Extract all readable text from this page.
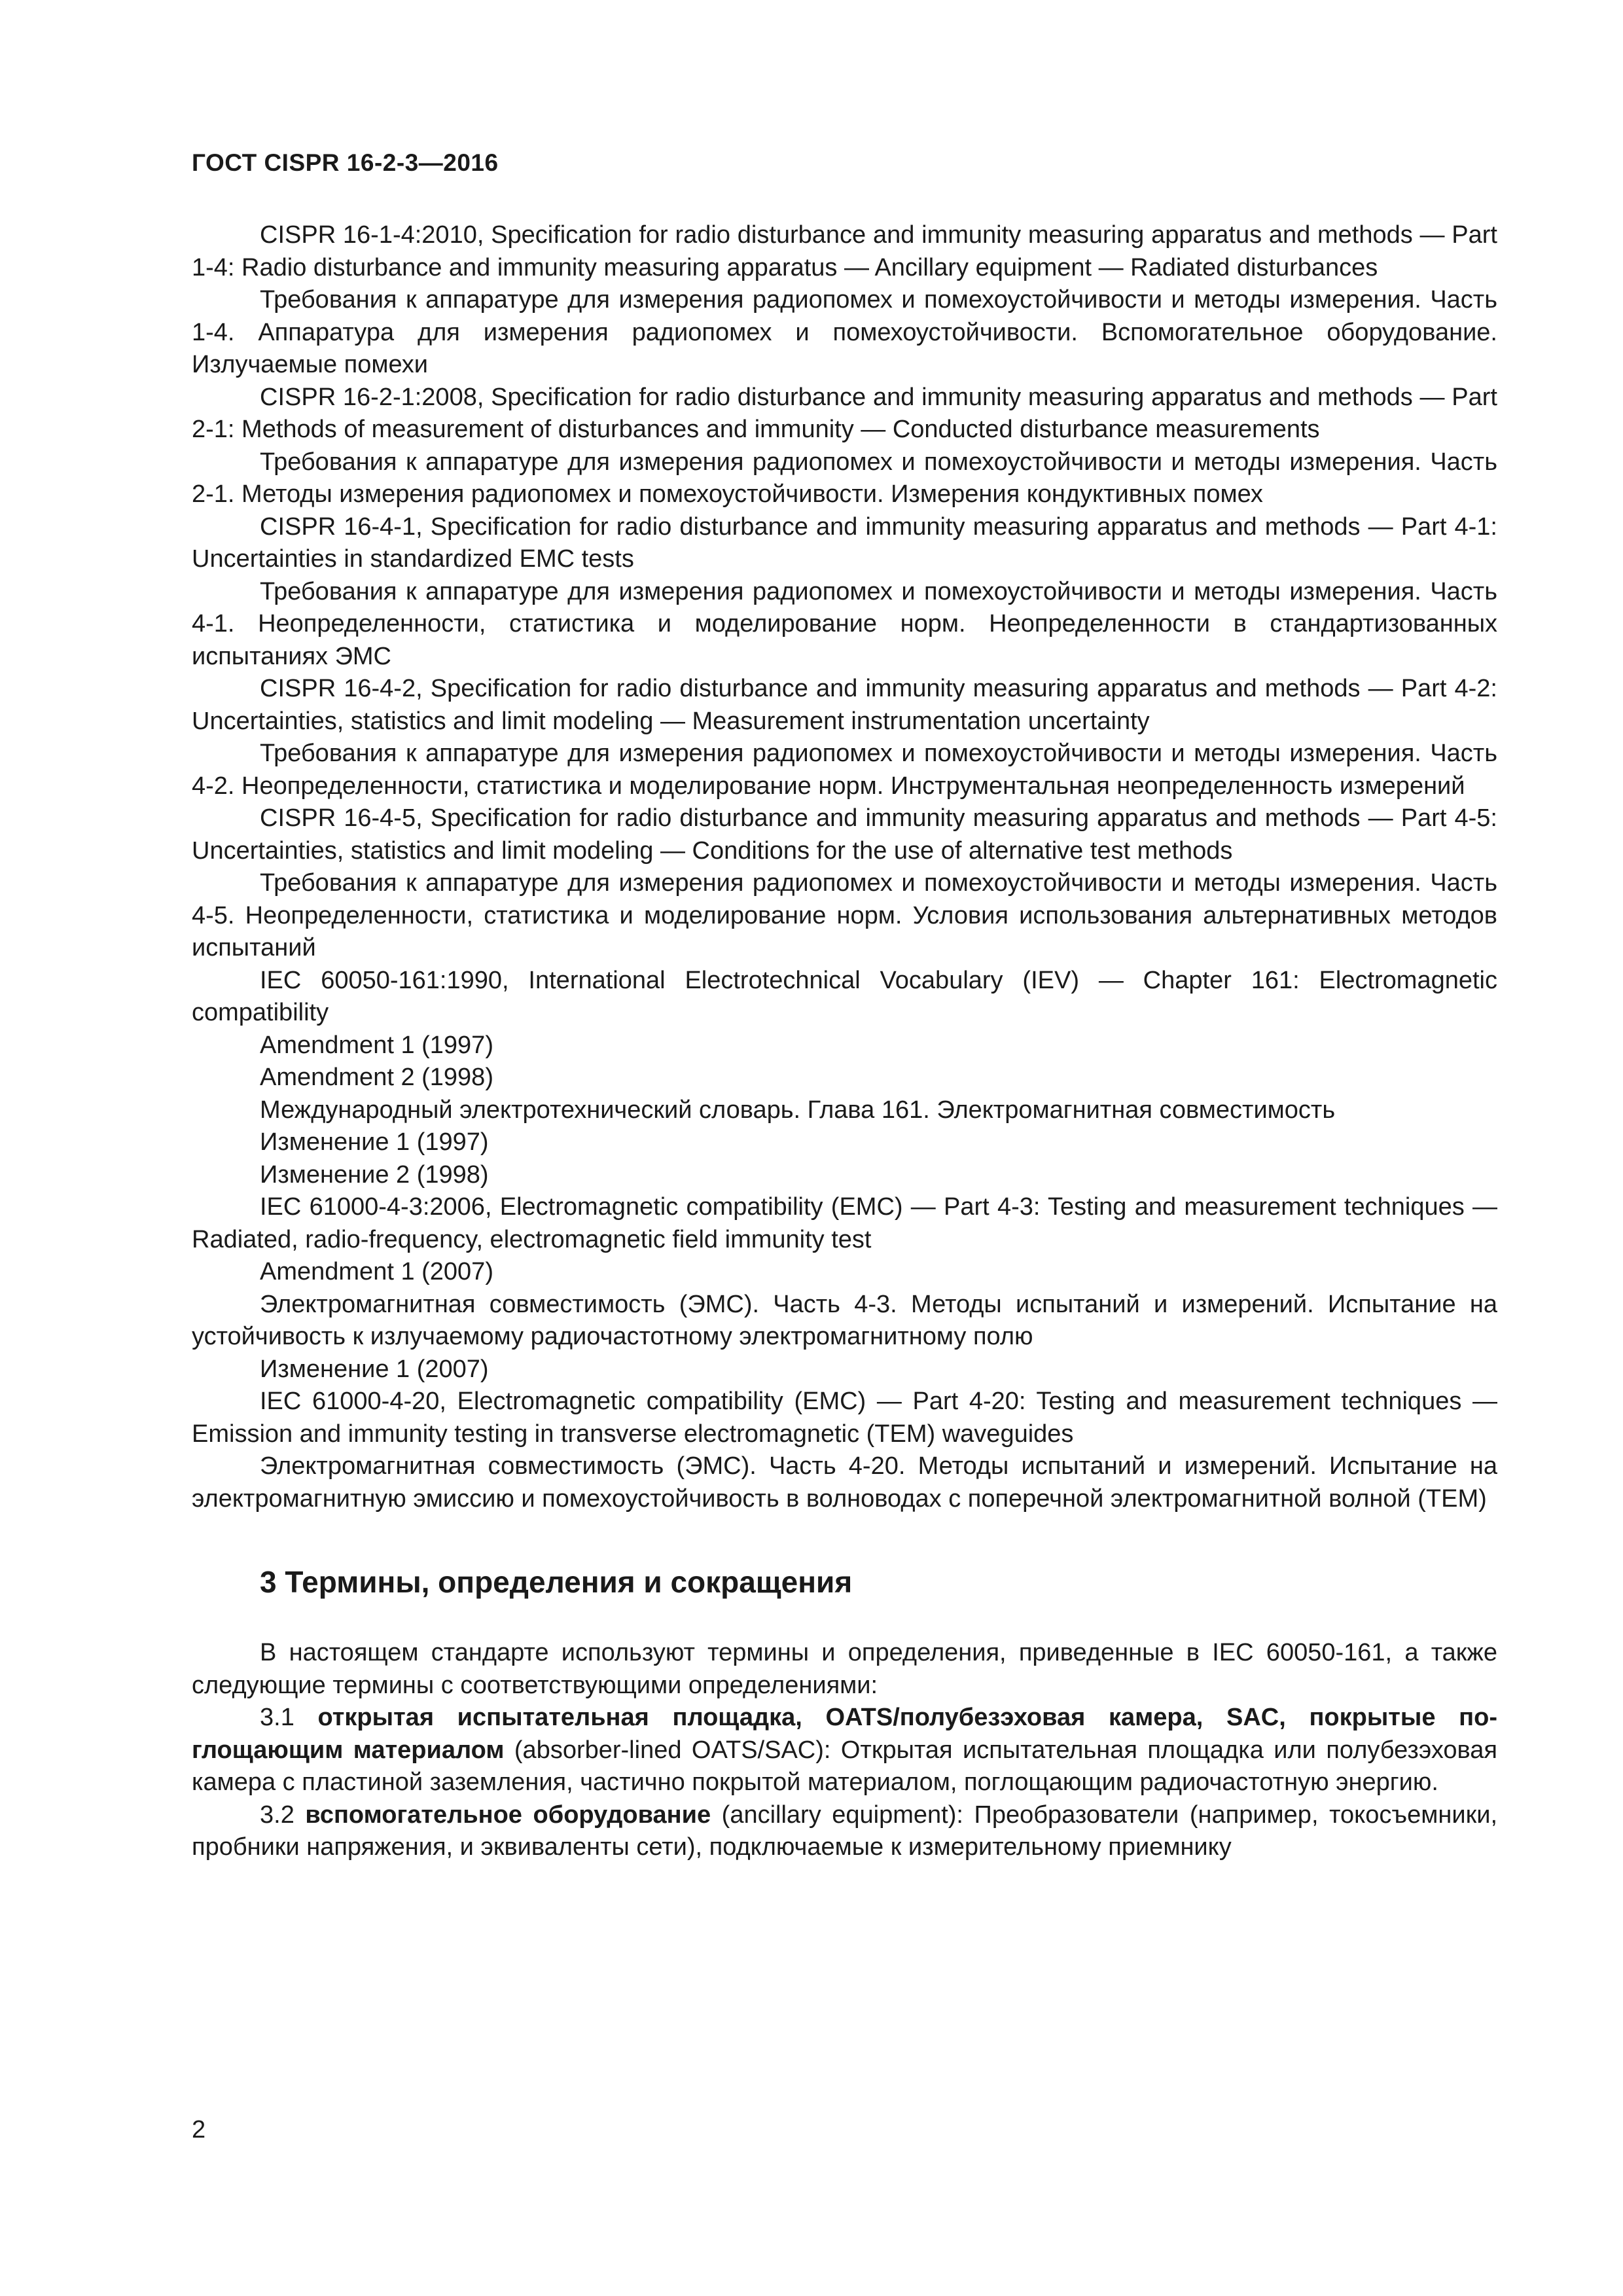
ГОСТ CISPR 16-2-3—2016

CISPR 16-1-4:2010, Specification for radio disturbance and immunity measuring apparatus and methods — Part 1-4: Radio disturbance and immunity measuring apparatus — Ancillary equipment — Radiated disturbances

Требования к аппаратуре для измерения радиопомех и помехоустойчивости и методы измерения. Часть 1-4. Аппаратура для измерения радиопомех и помехоустойчивости. Вспомогательное оборудование. Излучаемые помехи

CISPR 16-2-1:2008, Specification for radio disturbance and immunity measuring apparatus and methods — Part 2-1: Methods of measurement of disturbances and immunity — Conducted disturbance measurements

Требования к аппаратуре для измерения радиопомех и помехоустойчивости и методы измерения. Часть 2-1. Методы измерения радиопомех и помехоустойчивости. Измерения кондуктивных помех

CISPR 16-4-1, Specification for radio disturbance and immunity measuring apparatus and methods — Part 4-1: Uncertainties in standardized EMC tests

Требования к аппаратуре для измерения радиопомех и помехоустойчивости и методы измерения. Часть 4-1. Неопределенности, статистика и моделирование норм. Неопределенности в стандартизованных испытаниях ЭМС

CISPR 16-4-2, Specification for radio disturbance and immunity measuring apparatus and methods — Part 4-2: Uncertainties, statistics and limit modeling — Measurement instrumentation uncertainty

Требования к аппаратуре для измерения радиопомех и помехоустойчивости и методы измерения. Часть 4-2. Неопределенности, статистика и моделирование норм. Инструментальная неопределенность измерений

CISPR 16-4-5, Specification for radio disturbance and immunity measuring apparatus and methods — Part 4-5: Uncertainties, statistics and limit modeling — Conditions for the use of alternative test methods

Требования к аппаратуре для измерения радиопомех и помехоустойчивости и методы измерения. Часть 4-5. Неопределенности, статистика и моделирование норм. Условия использования альтернативных методов испытаний

IEC 60050-161:1990, International Electrotechnical Vocabulary (IEV) — Chapter 161: Electromagnetic compatibility

Amendment 1 (1997)

Amendment 2 (1998)

Международный электротехнический словарь. Глава 161. Электромагнитная совместимость

Изменение 1 (1997)

Изменение 2 (1998)

IEC 61000-4-3:2006, Electromagnetic compatibility (EMC) — Part 4-3: Testing and measurement techniques — Radiated, radio-frequency, electromagnetic field immunity test

Amendment 1 (2007)

Электромагнитная совместимость (ЭМС). Часть 4-3. Методы испытаний и измерений. Испытание на устойчивость к излучаемому радиочастотному электромагнитному полю

Изменение 1 (2007)

IEC 61000-4-20, Electromagnetic compatibility (EMC) — Part 4-20: Testing and measurement techniques — Emission and immunity testing in transverse electromagnetic (TEM) waveguides

Электромагнитная совместимость (ЭМС). Часть 4-20. Методы испытаний и измерений. Испытание на электромагнитную эмиссию и помехоустойчивость в волноводах с поперечной электромагнитной волной (ТЕМ)

3 Термины, определения и сокращения

В настоящем стандарте используют термины и определения, приведенные в IEC 60050-161, а также следующие термины с соответствующими определениями:

3.1 открытая испытательная площадка, OATS/полубезэховая камера, SAC, покрытые поглощающим материалом (absorber-lined OATS/SAC): Открытая испытательная площадка или полубезэховая камера с пластиной заземления, частично покрытой материалом, поглощающим радиочастотную энергию.

3.2 вспомогательное оборудование (ancillary equipment): Преобразователи (например, токосъемники, пробники напряжения, и эквиваленты сети), подключаемые к измерительному приемнику

2
